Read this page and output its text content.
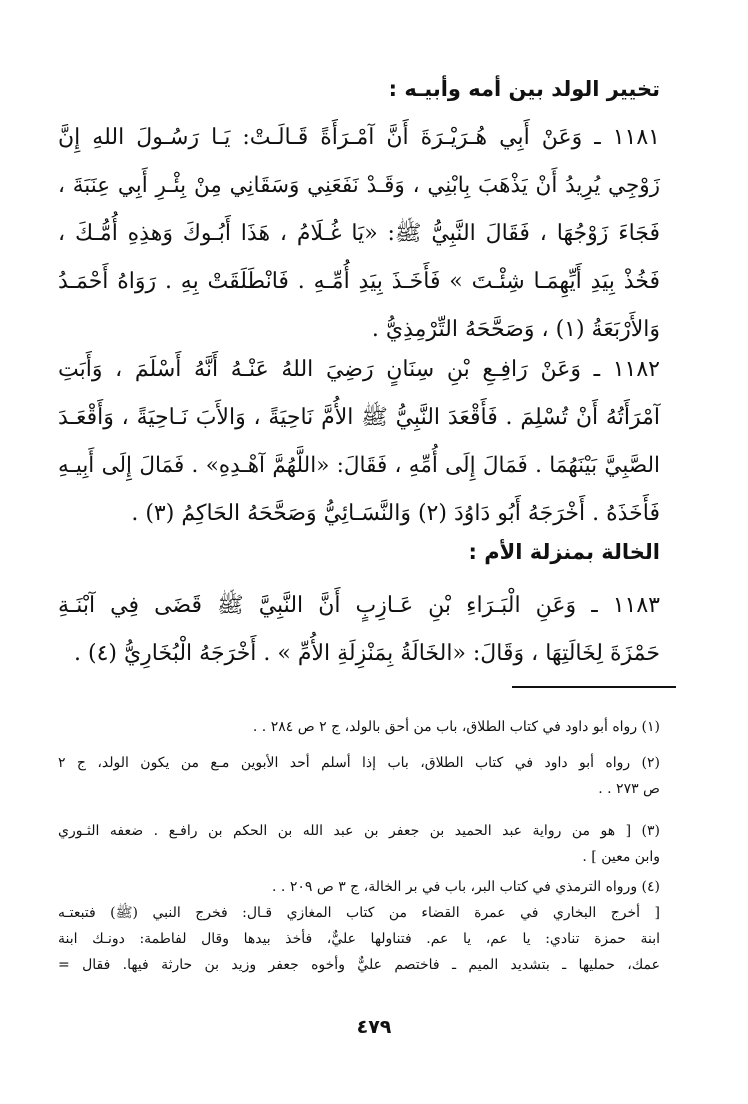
تخيير الولد بين أمه وأبيـه :
١١٨١ ـ وَعَنْ أَبِي هُـرَيْـرَةَ أَنَّ آمْـرَأَةً قَـالَـتْ: يَـا رَسُـولَ اللهِ إِنَّ
زَوْجِي يُرِيدُ أَنْ يَذْهَبَ بِابْنِي ، وَقَـدْ نَفَعَنِي وَسَقَانِي مِنْ بِئْـرِ أَبِي عِنَبَةَ ،
فَجَاءَ زَوْجُهَا ، فَقَالَ النَّبِيُّ ﷺ: «يَا غُـلَامُ ، هَذَا أَبُـوكَ وَهذِهِ أُمُّـكَ ،
فَخُذْ بِيَدِ أَيِّهِمَـا شِئْـتَ » فَأَخَـذَ بِيَدِ أُمِّـهِ . فَانْطَلَقَتْ بِهِ . رَوَاهُ أَحْمَـدُ
وَالأَرْبَعَةُ (١) ، وَصَحَّحَهُ التِّرْمِذِيُّ .
١١٨٢ ـ وَعَنْ رَافِـعِ بْنِ سِنَانٍ رَضِيَ اللهُ عَنْـهُ أَنَّهُ أَسْلَمَ ، وَأَبَتِ
آمْرَأَتُهُ أَنْ تُسْلِمَ . فَأَقْعَدَ النَّبِيُّ ﷺ الأُمَّ نَاحِيَةً ، وَالأَبَ نَـاحِيَةً ، وَأَقْعَـدَ
الصَّبِيَّ بَيْنَهُمَا . فَمَالَ إِلَى أُمِّهِ ، فَقَالَ: «اللَّهُمَّ آهْـدِهِ» . فَمَالَ إِلَى أَبِيـهِ
فَأَخَذَهُ . أَخْرَجَهُ أَبُو دَاوُدَ (٢) وَالنَّسَـائِيُّ وَصَحَّحَهُ الحَاكِمُ (٣) .
الخالة بمنزلة الأم :
١١٨٣ ـ وَعَنِ الْبَـرَاءِ بْنِ عَـازِبٍ أَنَّ النَّبِيَّ ﷺ قَضَى فِي آبْنَـةِ
حَمْزَةَ لِخَالَتِهَا ، وَقَالَ: «الخَالَةُ بِمَنْزِلَةِ الأُمِّ » . أَخْرَجَهُ الْبُخَارِيُّ (٤) .
(١) رواه أبو داود في كتاب الطلاق، باب من أحق بالولد، ج ٢ ص ٢٨٤ . .
(٢) رواه أبو داود في كتاب الطلاق، باب إذا أسلم أحد الأبوين مـع من يكون الولد، ج ٢
ص ٢٧٣ . .
(٣) [ هو من رواية عبد الحميد بن جعفر بن عبد الله بن الحكم بن رافـع . ضعفه الثـوري
وابن معين ] .
(٤) ورواه الترمذي في كتاب البر، باب في بر الخالة، ج ٣ ص ٢٠٩ . .
[ أخرج البخاري في عمرة القضاء من كتاب المغازي قـال: فخرج النبي (ﷺ) فتبعتـه
ابنة حمزة تنادي: يا عم، يا عم. فتناولها عليٌّ، فأخذ بيدها وقال لفاطمة: دونـك ابنة
عمك، حمليها ـ بتشديد الميم ـ فاختصم عليٌّ وأخوه جعفر وزيد بن حارثة فيها. فقال =
٤٧٩
